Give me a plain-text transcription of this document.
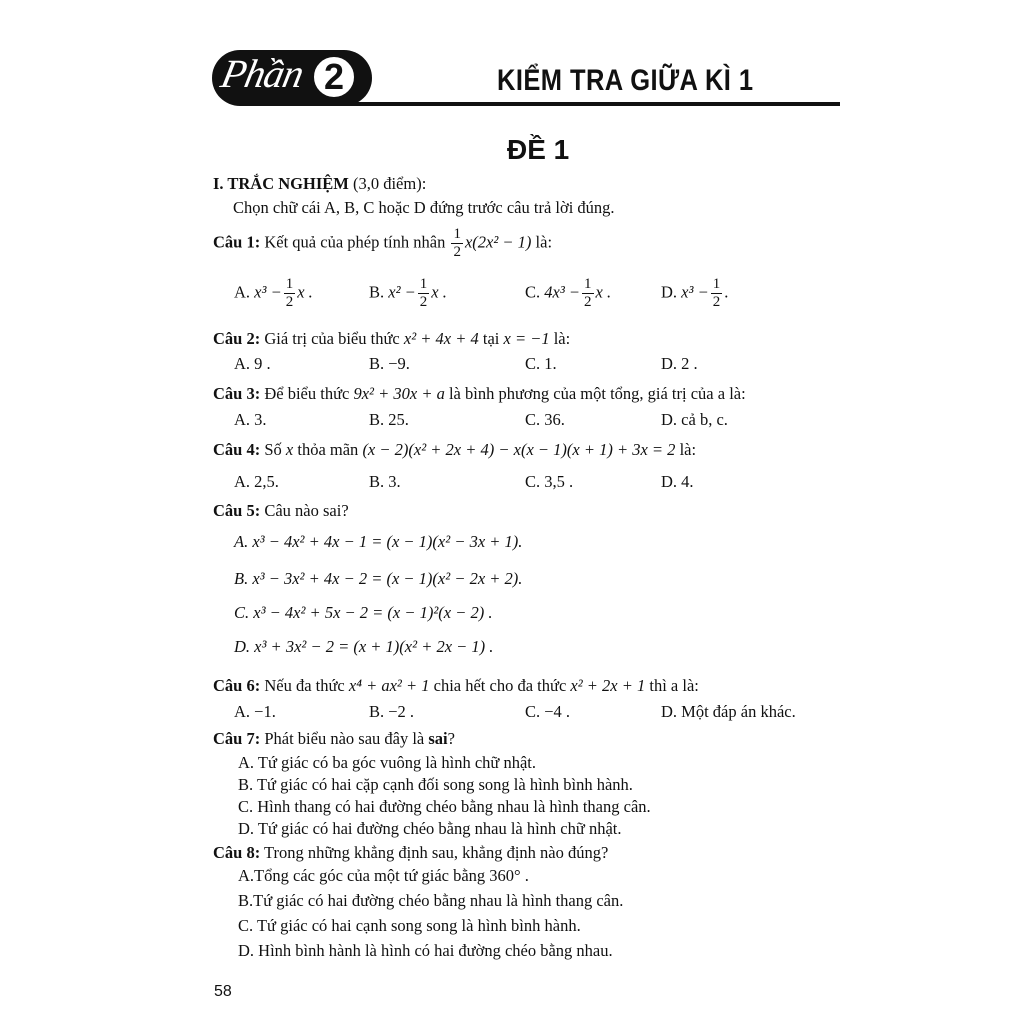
Phần 2	KIỂM TRA GIỮA KÌ 1
ĐỀ 1
I. TRẮC NGHIỆM (3,0 điểm):
Chọn chữ cái A, B, C hoặc D đứng trước câu trả lời đúng.
Câu 1: Kết quả của phép tính nhân $\frac{1}{2} x(2x^2 - 1)$ là:
A. $x^3 - \frac{1}{2}$ x .	B. $x^2 - \frac{1}{2}$ x .	C. $4x^3 - \frac{1}{2}$ x .	D. $x^3 - \frac{1}{2}$ .
Câu 2: Giá trị của biểu thức x² + 4x + 4 tại x = −1 là:
A. 9 .	B. −9.	C. 1.	D. 2 .
Câu 3: Để biểu thức 9x² + 30x + a là bình phương của một tổng, giá trị của a là:
A. 3.	B. 25.	C. 36.	D. cả b, c.
Câu 4: Số x thỏa mãn (x − 2)(x² + 2x + 4) − x(x − 1)(x + 1) + 3x = 2 là:
A. 2,5.	B. 3.	C. 3,5 .	D. 4.
Câu 5: Câu nào sai?
A. x³ − 4x² + 4x − 1 = (x − 1)(x² − 3x + 1).
B. x³ − 3x² + 4x − 2 = (x − 1)(x² − 2x + 2).
C. x³ − 4x² + 5x − 2 = (x − 1)²(x − 2) .
D. x³ + 3x² − 2 = (x + 1)(x² + 2x − 1) .
Câu 6: Nếu đa thức x⁴ + ax² + 1 chia hết cho đa thức x² + 2x + 1 thì a là:
A. −1.	B. −2 .	C. −4 .	D. Một đáp án khác.
Câu 7: Phát biểu nào sau đây là sai?
A. Tứ giác có ba góc vuông là hình chữ nhật.
B. Tứ giác có hai cặp cạnh đối song song là hình bình hành.
C. Hình thang có hai đường chéo bằng nhau là hình thang cân.
D. Tứ giác có hai đường chéo bằng nhau là hình chữ nhật.
Câu 8: Trong những khẳng định sau, khẳng định nào đúng?
A.Tổng các góc của một tứ giác bằng 360° .
B.Tứ giác có hai đường chéo bằng nhau là hình thang cân.
C. Tứ giác có hai cạnh song song là hình bình hành.
D. Hình bình hành là hình có hai đường chéo bằng nhau.
58
